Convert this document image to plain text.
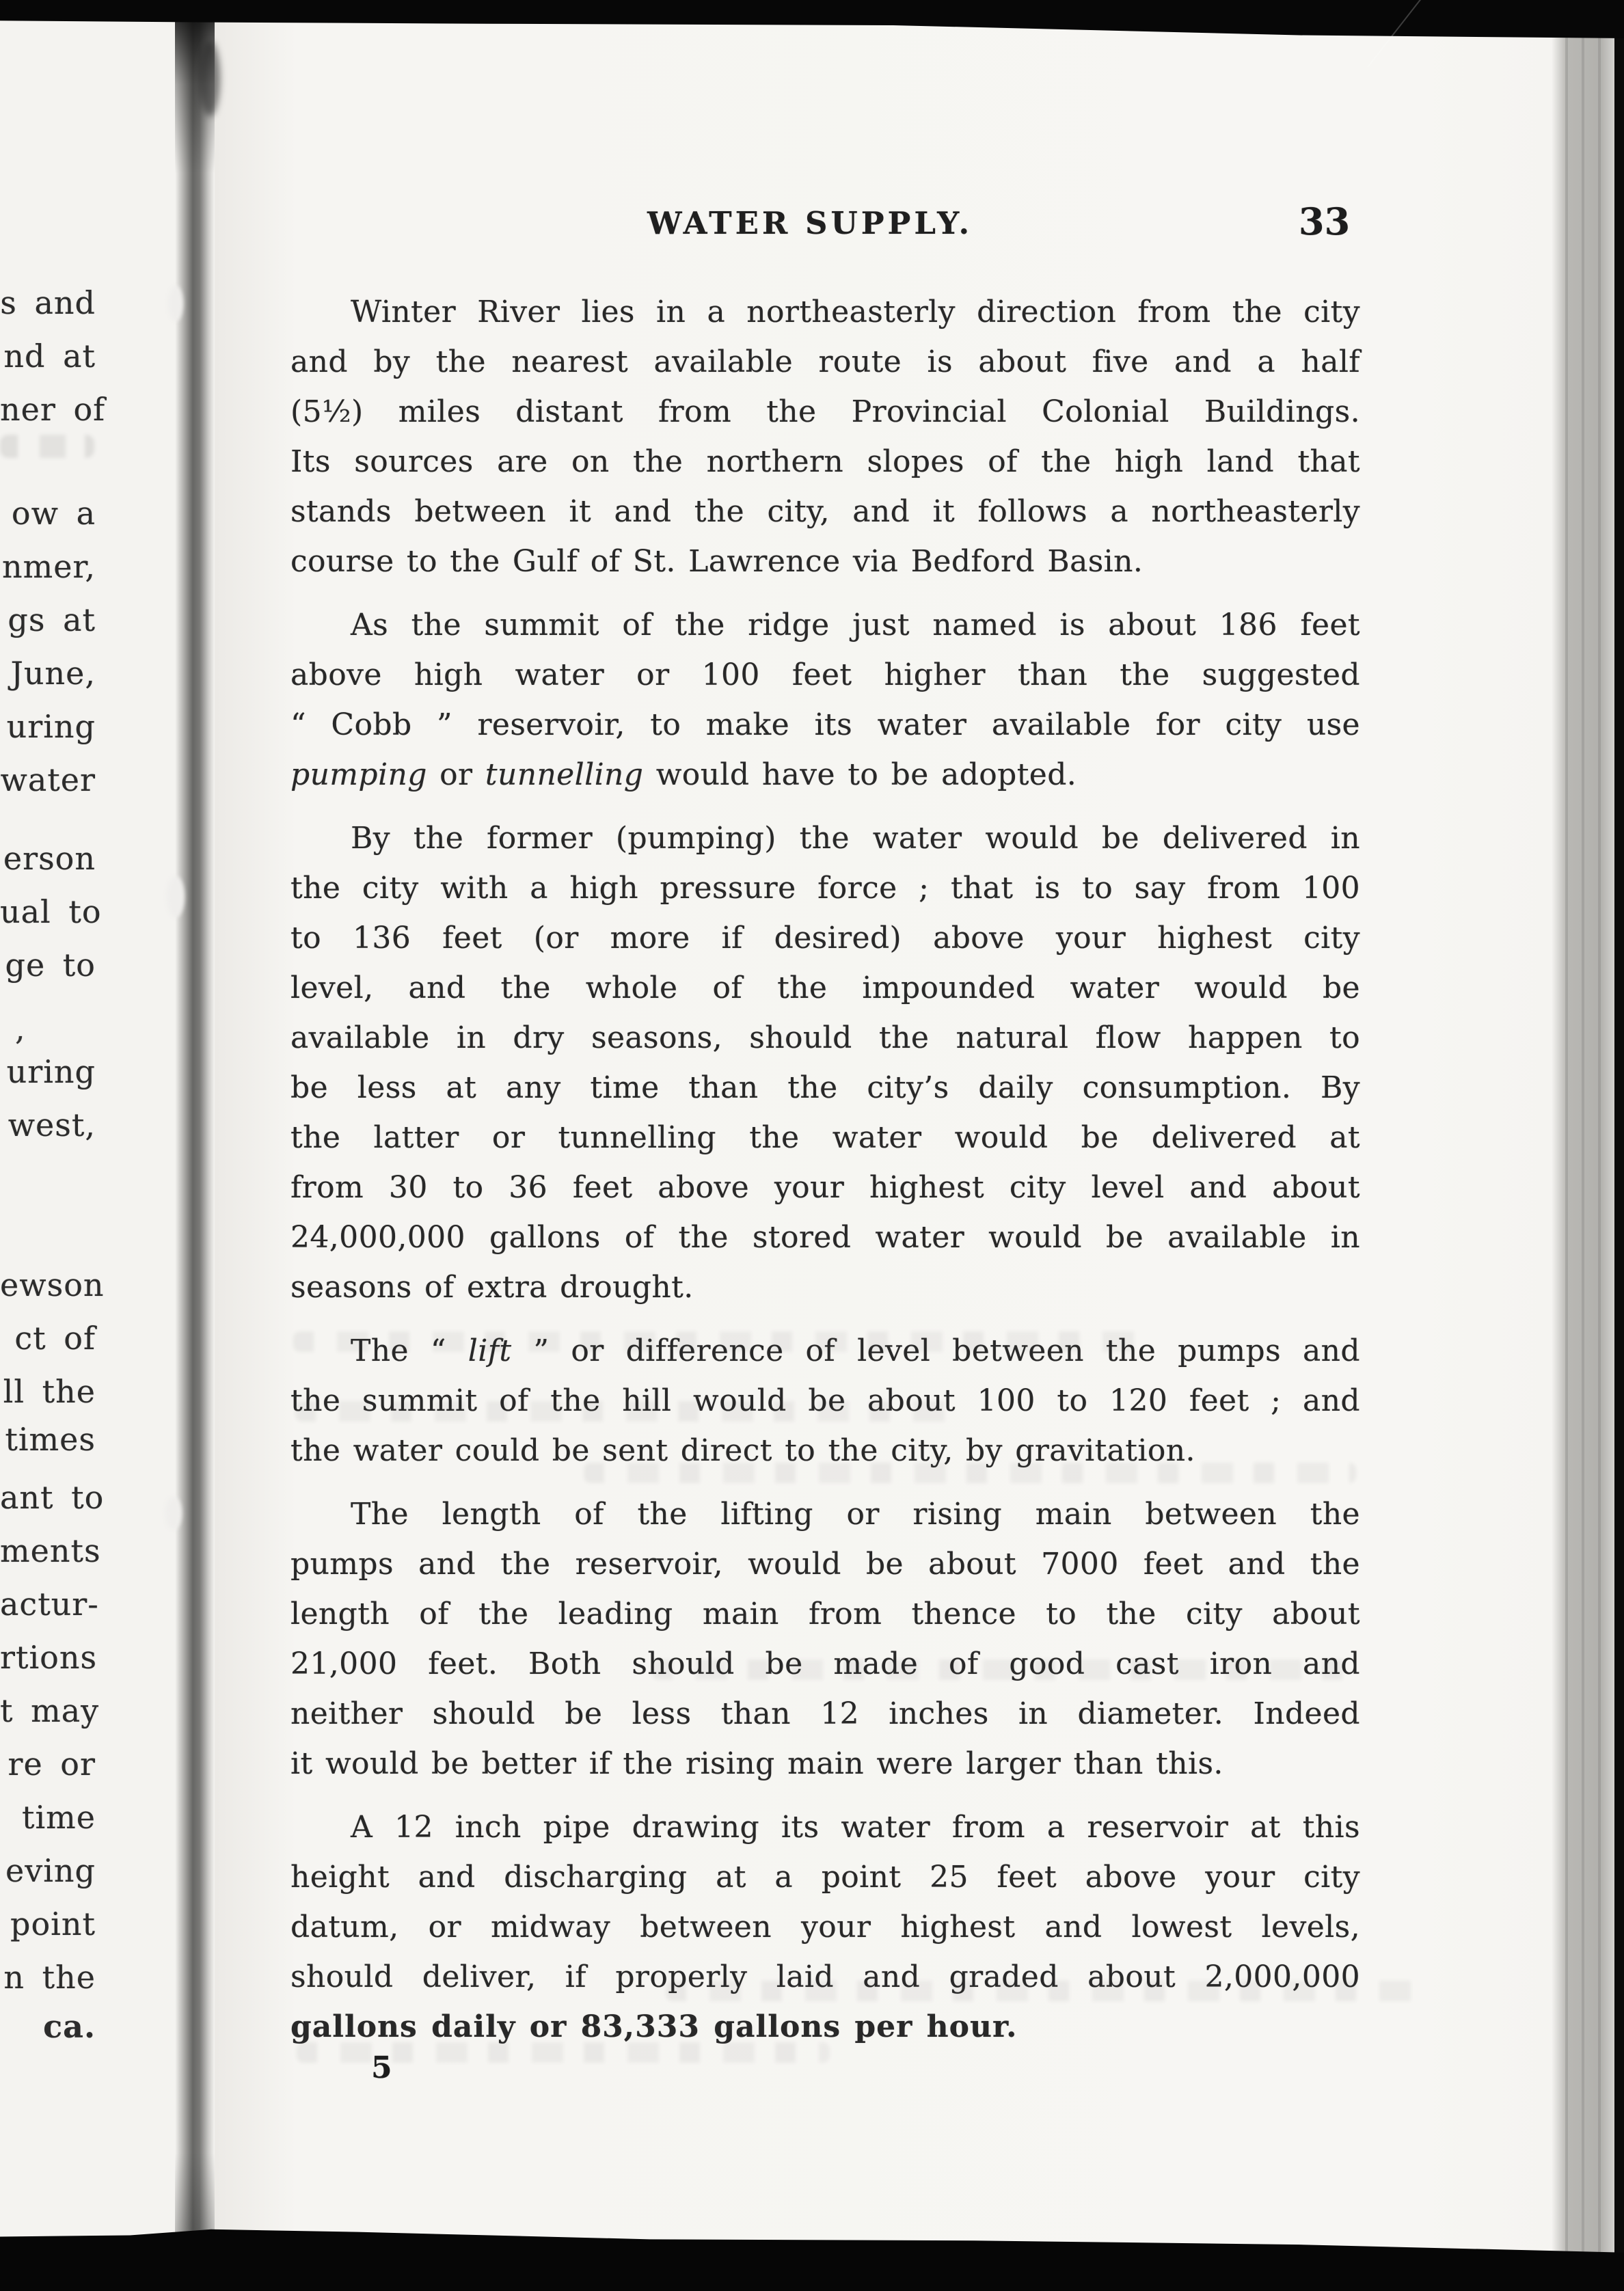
s and
nd at
ner of
ow a
nmer,
gs at
June,
uring
water
erson
ual to
ge to
uring
west,
,
ewson
ct of
ll the
times
ant to
ments
actur-
rtions
t may
re or
time
eving
point
n the
ca.
WATER SUPPLY.	33
Winter River lies in a northeasterly direction from the city
and by the nearest available route is about five and a half
(5½) miles distant from the Provincial Colonial Buildings.
Its sources are on the northern slopes of the high land that
stands between it and the city, and it follows a northeasterly
course to the Gulf of St. Lawrence via Bedford Basin.
As the summit of the ridge just named is about 186 feet
above high water or 100 feet higher than the suggested
“ Cobb ” reservoir, to make its water available for city use
pumping or tunnelling would have to be adopted.
By the former (pumping) the water would be delivered in
the city with a high pressure force ; that is to say from 100
to 136 feet (or more if desired) above your highest city
level, and the whole of the impounded water would be
available in dry seasons, should the natural flow happen to
be less at any time than the city’s daily consumption. By
the latter or tunnelling the water would be delivered at
from 30 to 36 feet above your highest city level and about
24,000,000 gallons of the stored water would be available in
seasons of extra drought.
The “ lift ” or difference of level between the pumps and
the summit of the hill would be about 100 to 120 feet ; and
the water could be sent direct to the city, by gravitation.
The length of the lifting or rising main between the
pumps and the reservoir, would be about 7000 feet and the
length of the leading main from thence to the city about
21,000 feet. Both should be made of good cast iron and
neither should be less than 12 inches in diameter. Indeed
it would be better if the rising main were larger than this.
A 12 inch pipe drawing its water from a reservoir at this
height and discharging at a point 25 feet above your city
datum, or midway between your highest and lowest levels,
should deliver, if properly laid and graded about 2,000,000
gallons daily or 83,333 gallons per hour.
5
